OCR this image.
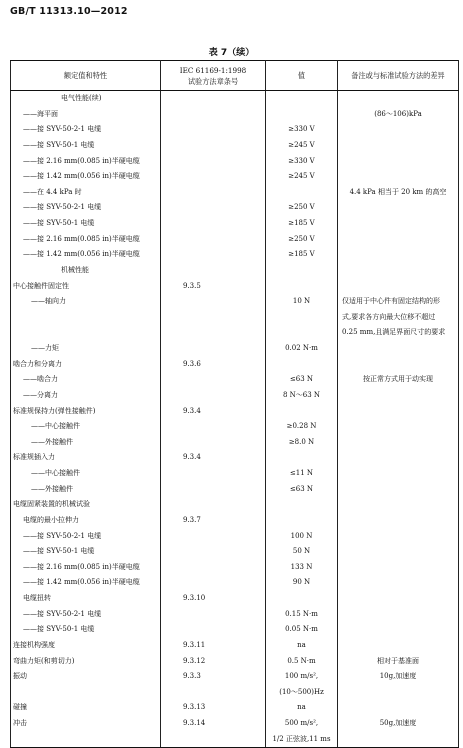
GB/T 11313.10—2012
表 7（续）
额定值和特性	IEC 61169-1:1998
试验方法章条号	值	备注或与标准试验方法的差异
电气性能(续)			
——海平面			(86～106)kPa
——接 SYV-50-2-1 电缆		≥330 V	
——接 SYV-50-1 电缆		≥245 V	
——接 2.16 mm(0.085 in)半硬电缆		≥330 V	
——接 1.42 mm(0.056 in)半硬电缆		≥245 V	
——在 4.4 kPa 时			4.4 kPa 相当于 20 km 的高空
——接 SYV-50-2-1 电缆		≥250 V	
——接 SYV-50-1 电缆		≥185 V	
——接 2.16 mm(0.085 in)半硬电缆		≥250 V	
——接 1.42 mm(0.056 in)半硬电缆		≥185 V	
机械性能			
中心接触件固定性	9.3.5		
——轴向力		10 N	仅适用于中心件有固定结构的形
			式,要求各方向最大位移不超过
			0.25 mm,且满足界面尺寸的要求
——力矩		0.02 N·m	
啮合力和分离力	9.3.6		
——啮合力		≤63 N	按正常方式用于动实现
——分离力		8 N～63 N	
标准规保持力(弹性接触件)	9.3.4		
——中心接触件		≥0.28 N	
——外接触件		≥8.0 N	
标准规插入力	9.3.4		
——中心接触件		≤11 N	
——外接触件		≤63 N	
电缆固紧装置的机械试验			
电缆的最小拉伸力	9.3.7		
——接 SYV-50-2-1 电缆		100 N	
——接 SYV-50-1 电缆		50 N	
——接 2.16 mm(0.085 in)半硬电缆		133 N	
——接 1.42 mm(0.056 in)半硬电缆		90 N	
电缆扭转	9.3.10		
——接 SYV-50-2-1 电缆		0.15 N·m	
——接 SYV-50-1 电缆		0.05 N·m	
连接机构强度	9.3.11	na	
弯曲力矩(和剪切力)	9.3.12	0.5 N·m	相对于基准面
振动	9.3.3	100 m/s²,	10g,加速度
		(10～500)Hz	
碰撞	9.3.13	na	
冲击	9.3.14	500 m/s²,	50g,加速度
		1/2 正弦波,11 ms	
